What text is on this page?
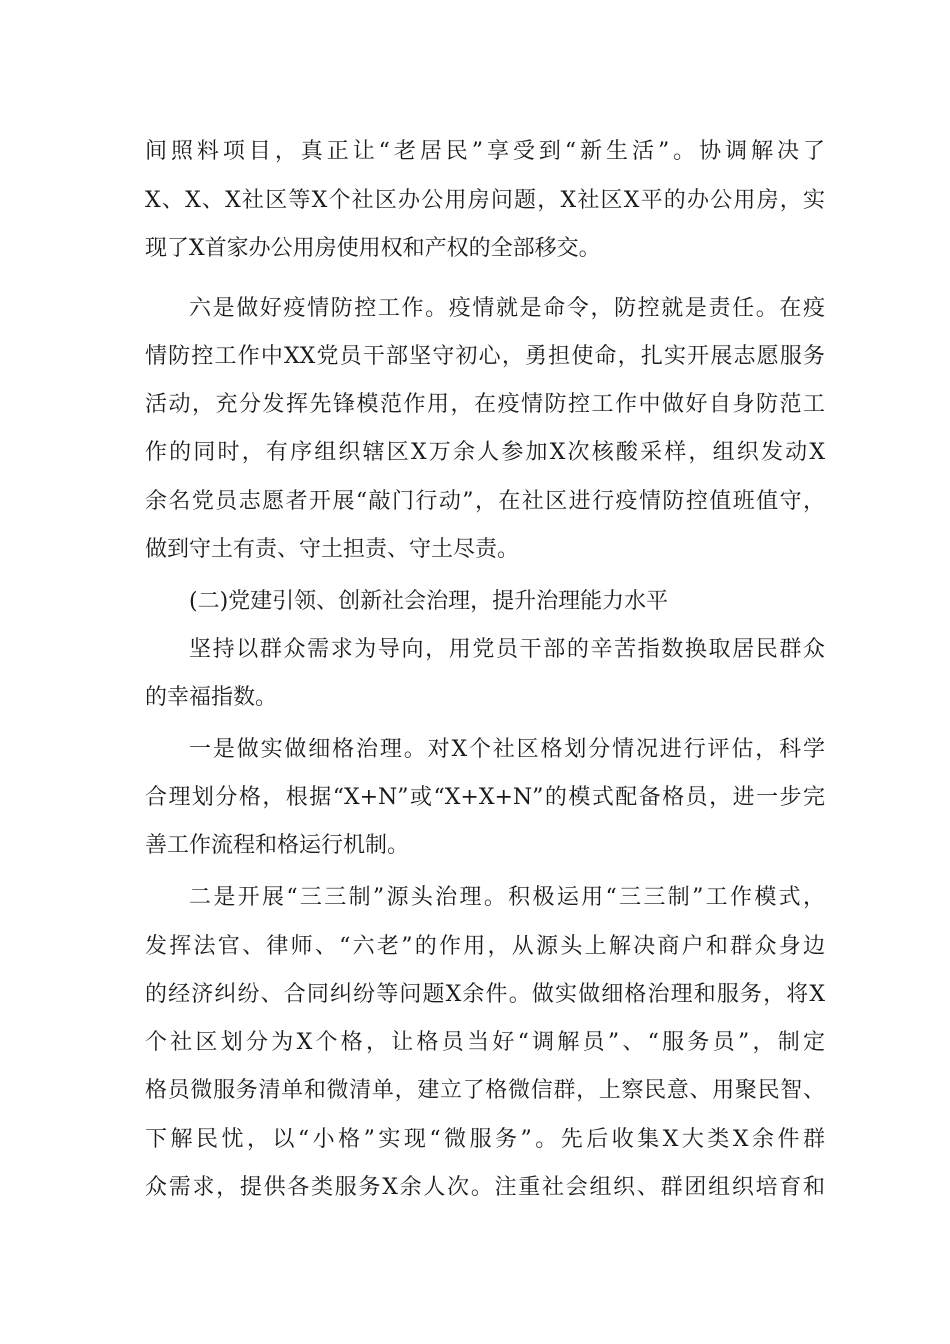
间照料项目，真正让“老居民”享受到“新生活”。协调解决了
X、X、X社区等X个社区办公用房问题，X社区X平的办公用房，实
现了X首家办公用房使用权和产权的全部移交。
六是做好疫情防控工作。疫情就是命令，防控就是责任。在疫
情防控工作中XX党员干部坚守初心，勇担使命，扎实开展志愿服务
活动，充分发挥先锋模范作用，在疫情防控工作中做好自身防范工
作的同时，有序组织辖区X万余人参加X次核酸采样，组织发动X
余名党员志愿者开展“敲门行动”，在社区进行疫情防控值班值守，
做到守土有责、守土担责、守土尽责。
(二)党建引领、创新社会治理，提升治理能力水平
坚持以群众需求为导向，用党员干部的辛苦指数换取居民群众
的幸福指数。
一是做实做细格治理。对X个社区格划分情况进行评估，科学
合理划分格，根据“X+N”或“X+X+N”的模式配备格员，进一步完
善工作流程和格运行机制。
二是开展“三三制”源头治理。积极运用“三三制”工作模式，
发挥法官、律师、“六老”的作用，从源头上解决商户和群众身边
的经济纠纷、合同纠纷等问题X余件。做实做细格治理和服务，将X
个社区划分为X个格，让格员当好“调解员”、“服务员”，制定
格员微服务清单和微清单，建立了格微信群，上察民意、用聚民智、
下解民忧，以“小格”实现“微服务”。先后收集X大类X余件群
众需求，提供各类服务X余人次。注重社会组织、群团组织培育和
